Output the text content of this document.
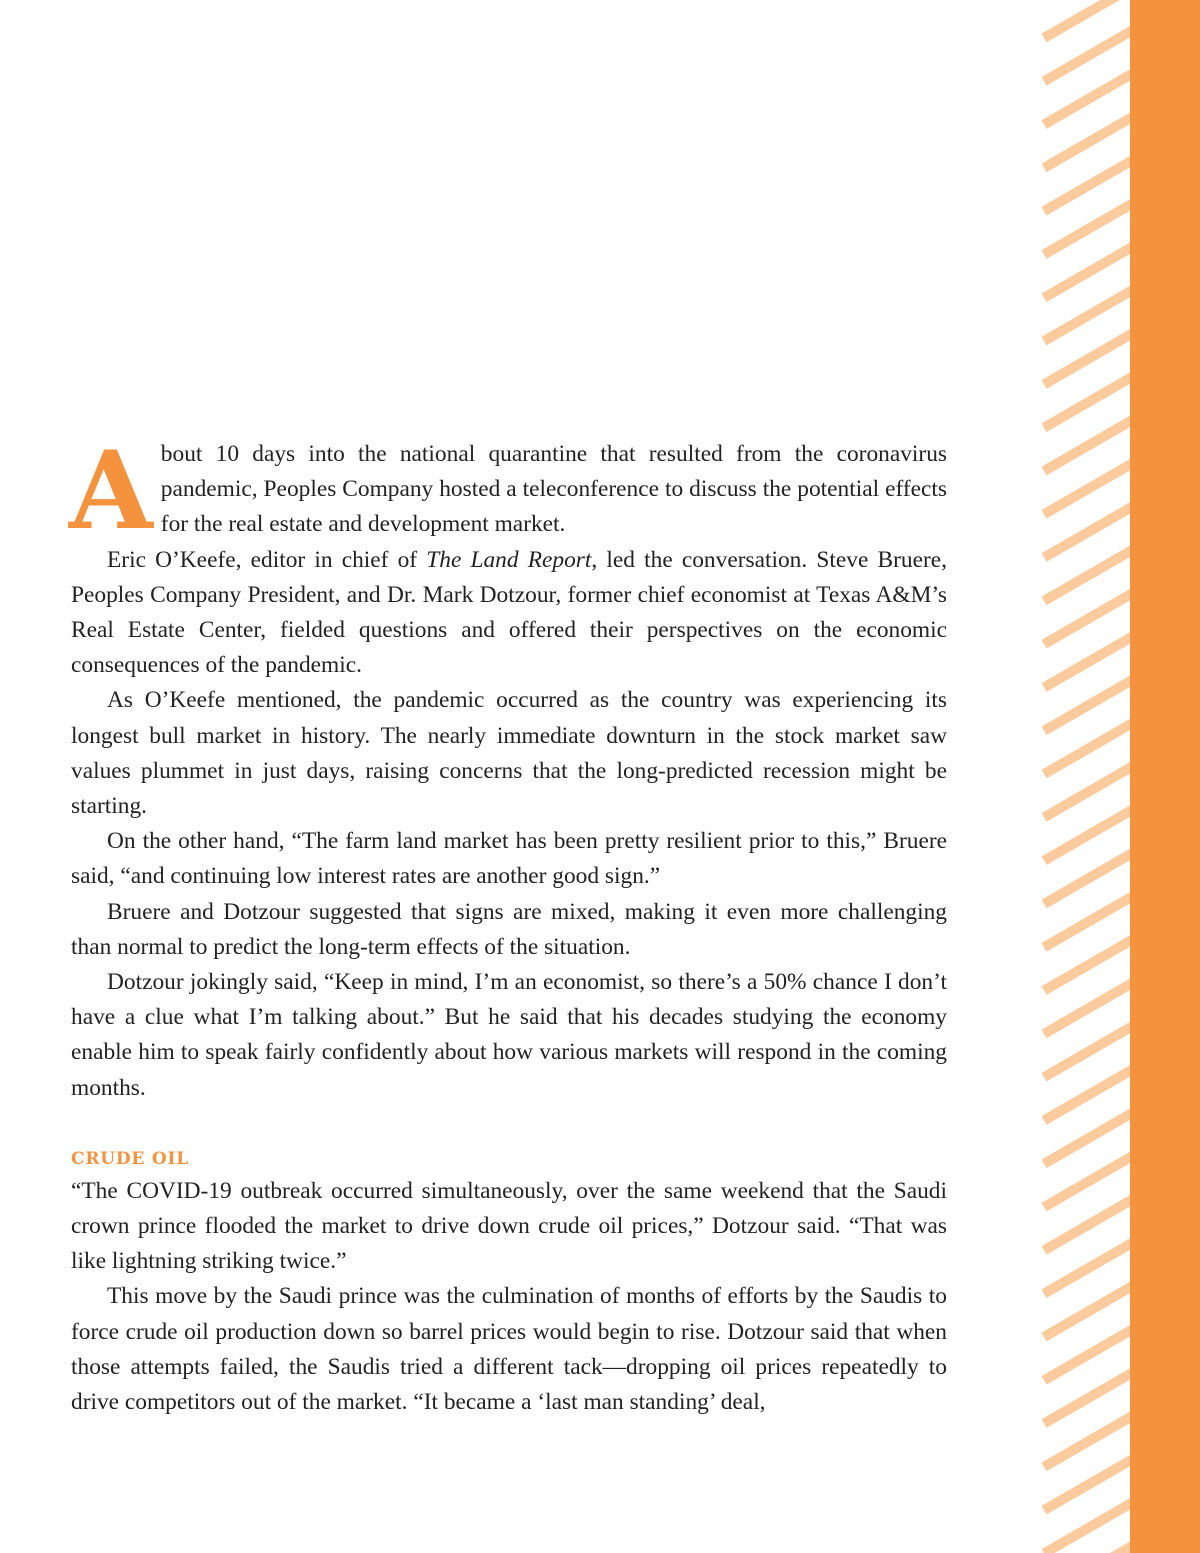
About 10 days into the national quarantine that resulted from the coronavirus pandemic, Peoples Company hosted a teleconference to discuss the potential effects for the real estate and development market.

Eric O’Keefe, editor in chief of The Land Report, led the conversation. Steve Bruere, Peoples Company President, and Dr. Mark Dotzour, former chief economist at Texas A&M’s Real Estate Center, fielded questions and offered their perspectives on the economic consequences of the pandemic.

As O’Keefe mentioned, the pandemic occurred as the country was experiencing its longest bull market in history. The nearly immediate downturn in the stock market saw values plummet in just days, raising concerns that the long-predicted recession might be starting.

On the other hand, “The farm land market has been pretty resilient prior to this,” Bruere said, “and continuing low interest rates are another good sign.”

Bruere and Dotzour suggested that signs are mixed, making it even more challenging than normal to predict the long-term effects of the situation.

Dotzour jokingly said, “Keep in mind, I’m an economist, so there’s a 50% chance I don’t have a clue what I’m talking about.” But he said that his decades studying the economy enable him to speak fairly confidently about how various markets will respond in the coming months.

CRUDE OIL

“The COVID-19 outbreak occurred simultaneously, over the same weekend that the Saudi crown prince flooded the market to drive down crude oil prices,” Dotzour said. “That was like lightning striking twice.”

This move by the Saudi prince was the culmination of months of efforts by the Saudis to force crude oil production down so barrel prices would begin to rise. Dotzour said that when those attempts failed, the Saudis tried a different tack—dropping oil prices repeatedly to drive competitors out of the market. “It became a ‘last man standing’ deal,
